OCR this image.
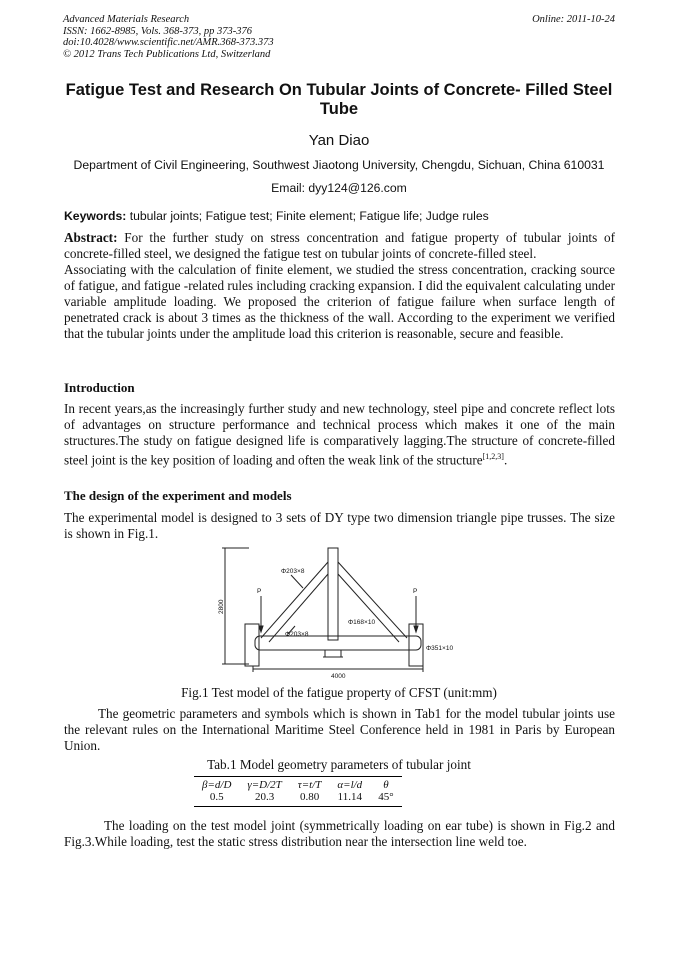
Advanced Materials Research
ISSN: 1662-8985, Vols. 368-373, pp 373-376
doi:10.4028/www.scientific.net/AMR.368-373.373
© 2012 Trans Tech Publications Ltd, Switzerland
Online: 2011-10-24
Fatigue Test and Research On Tubular Joints of Concrete- Filled Steel Tube
Yan Diao
Department of Civil Engineering, Southwest Jiaotong University, Chengdu, Sichuan, China 610031
Email: dyy124@126.com
Keywords: tubular joints; Fatigue test; Finite element; Fatigue life; Judge rules
Abstract: For the further study on stress concentration and fatigue property of tubular joints of concrete-filled steel, we designed the fatigue test on tubular joints of concrete-filled steel.
Associating with the calculation of finite element, we studied the stress concentration, cracking source of fatigue, and fatigue -related rules including cracking expansion. I did the equivalent calculating under variable amplitude loading. We proposed the criterion of fatigue failure when surface length of penetrated crack is about 3 times as the thickness of the wall. According to the experiment we verified that the tubular joints under the amplitude load this criterion is reasonable, secure and feasible.
Introduction
In recent years,as the increasingly further study and new technology, steel pipe and concrete reflect lots of advantages on structure performance and technical process which makes it one of the main structures.The study on fatigue designed life is comparatively lagging.The structure of concrete-filled steel joint is the key position of loading and often the weak link of the structure[1,2,3].
The design of the experiment and models
The experimental model is designed to 3 sets of DY type two dimension triangle pipe trusses. The size is shown in Fig.1.
Φ203×8
Φ203×8
Φ168×10
Φ351×10
P	P
4000
2800
Fig.1 Test model of the fatigue property of CFST (unit:mm)
The geometric parameters and symbols which is shown in Tab1 for the model tubular joints use the relevant rules on the International Maritime Steel Conference held in 1981 in Paris by European Union.
Tab.1 Model geometry parameters of tubular joint
β=d/D	γ=D/2T	τ=t/T	α=l/d	θ
0.5	20.3	0.80	11.14	45°
The loading on the test model joint (symmetrically loading on ear tube) is shown in Fig.2 and Fig.3.While loading, test the static stress distribution near the intersection line weld toe.
